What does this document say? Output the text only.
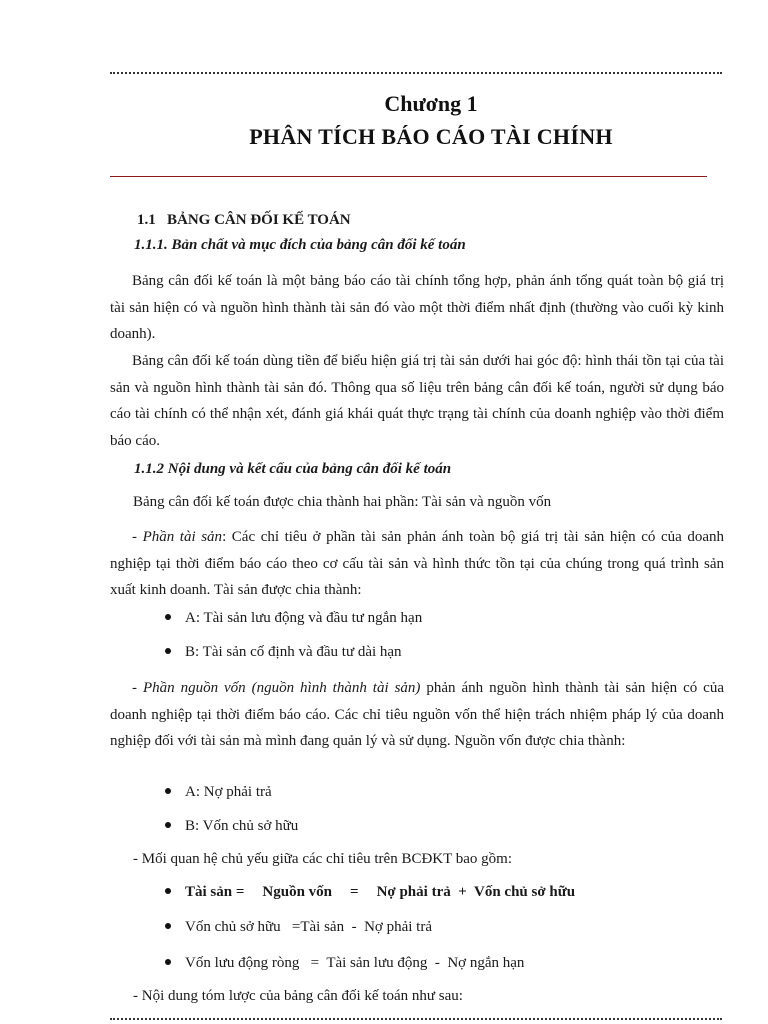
Chương 1
PHÂN TÍCH BÁO CÁO TÀI CHÍNH
1.1   BẢNG CÂN ĐỐI KẾ TOÁN
1.1.1. Bản chất và mục đích của bảng cân đối kế toán

Bảng cân đối kế toán là một bảng báo cáo tài chính tổng hợp, phản ánh tổng quát toàn bộ giá trị tài sản hiện có và nguồn hình thành tài sản đó vào một thời điểm nhất định (thường vào cuối kỳ kinh doanh).

Bảng cân đối kế toán dùng tiền để biểu hiện giá trị tài sản dưới hai góc độ: hình thái tồn tại của tài sản và nguồn hình thành tài sản đó. Thông qua số liệu trên bảng cân đối kế toán, người sử dụng báo cáo tài chính có thể nhận xét, đánh giá khái quát thực trạng tài chính của doanh nghiệp vào thời điểm báo cáo.

1.1.2 Nội dung và kết cấu của bảng cân đối kế toán
Bảng cân đối kế toán được chia thành hai phần: Tài sản và nguồn vốn

- Phần tài sản: Các chỉ tiêu ở phần tài sản phản ánh toàn bộ giá trị tài sản hiện có của doanh nghiệp tại thời điểm báo cáo theo cơ cấu tài sản và hình thức tồn tại của chúng trong quá trình sản xuất kinh doanh. Tài sản được chia thành:

A: Tài sản lưu động và đầu tư ngắn hạn
B: Tài sản cố định và đầu tư dài hạn

- Phần nguồn vốn (nguồn hình thành tài sản) phản ánh nguồn hình thành tài sản hiện có của doanh nghiệp tại thời điểm báo cáo. Các chỉ tiêu nguồn vốn thể hiện trách nhiệm pháp lý của doanh nghiệp đối với tài sản mà mình đang quản lý và sử dụng. Nguồn vốn được chia thành:

A: Nợ phải trả
B: Vốn chủ sở hữu
- Mối quan hệ chủ yếu giữa các chỉ tiêu trên BCĐKT bao gồm:
Tài sản = Nguồn vốn = Nợ phải trả  +  Vốn chủ sở hữu
Vốn chủ sở hữu   =Tài sản  -  Nợ phải trả
Vốn lưu động ròng   =  Tài sản lưu động  -  Nợ ngắn hạn
- Nội dung tóm lược của bảng cân đối kế toán như sau:
